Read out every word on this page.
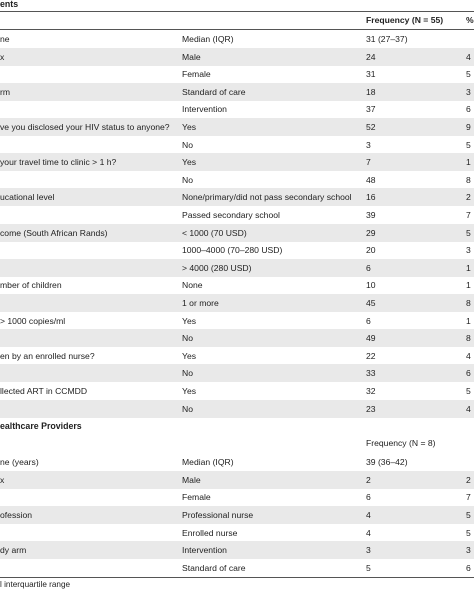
ents
Frequency (N = 55)	%
ne	Median (IQR)	31 (27–37)
x	Male	24	4
Female	31	5
rm	Standard of care	18	3
Intervention	37	6
ve you disclosed your HIV status to anyone? Yes	52	9
No	3	5
your travel time to clinic > 1 h?	Yes	7	1
No	48	8
ucational level	None/primary/did not pass secondary school 16	2
Passed secondary school	39	7
come (South African Rands)	< 1000 (70 USD)	29	5
1000–4000 (70–280 USD)	20	3
> 4000 (280 USD)	6	1
mber of children	None	10	1
1 or more	45	8
> 1000 copies/ml	Yes	6	1
No	49	8
en by an enrolled nurse?	Yes	22	4
No	33	6
llected ART in CCMDD	Yes	32	5
No	23	4
ealthcare Providers
Frequency (N = 8)
ne (years)	Median (IQR)	39 (36–42)
x	Male	2	2
Female	6	7
ofession	Professional nurse	4	5
Enrolled nurse	4	5
dy arm	Intervention	3	3
Standard of care	5	6
l interquartile range
